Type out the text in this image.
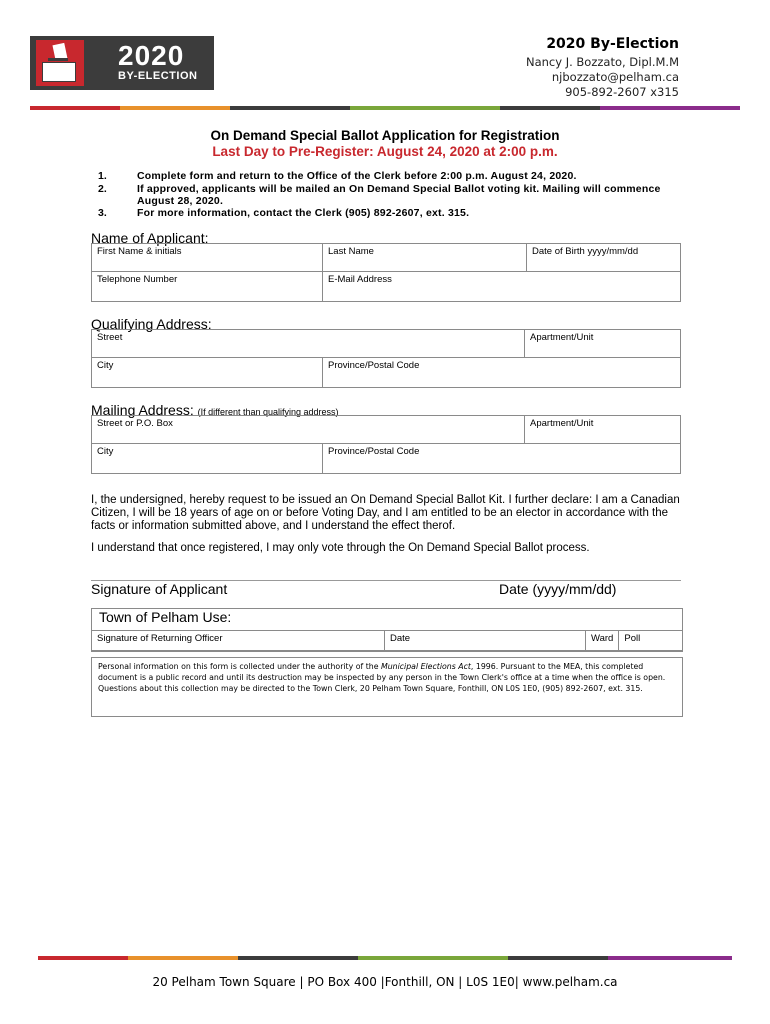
2020
BY-ELECTION
2020 By-Election
Nancy J. Bozzato, Dipl.M.M
njbozzato@pelham.ca
905-892-2607 x315
On Demand Special Ballot Application for Registration
Last Day to Pre-Register: August 24, 2020 at 2:00 p.m.
1.	Complete form and return to the Office of the Clerk before 2:00 p.m. August 24, 2020.
2.	If approved, applicants will be mailed an On Demand Special Ballot voting kit. Mailing will commence August 28, 2020.
3.	For more information, contact the Clerk (905) 892-2607, ext. 315.
Name of Applicant:
First Name & initials	Last Name	Date of Birth yyyy/mm/dd
Telephone Number	E-Mail Address	
Qualifying Address:
Street		Apartment/Unit
City	Province/Postal Code	
Mailing Address: (If different than qualifying address)
Street or P.O. Box		Apartment/Unit
City	Province/Postal Code	
I, the undersigned, hereby request to be issued an On Demand Special Ballot Kit. I further declare: I am a Canadian Citizen, I will be 18 years of age on or before Voting Day, and I am entitled to be an elector in accordance with the facts or information submitted above, and I understand the effect therof.
I understand that once registered, I may only vote through the On Demand Special Ballot process.
Signature of Applicant	Date (yyyy/mm/dd)
Town of Pelham Use:
Signature of Returning Officer	Date	Ward	Poll
Personal information on this form is collected under the authority of the Municipal Elections Act, 1996. Pursuant to the MEA, this completed document is a public record and until its destruction may be inspected by any person in the Town Clerk's office at a time when the office is open. Questions about this collection may be directed to the Town Clerk, 20 Pelham Town Square, Fonthill, ON L0S 1E0, (905) 892-2607, ext. 315.
20 Pelham Town Square | PO Box 400 |Fonthill, ON | L0S 1E0| www.pelham.ca
